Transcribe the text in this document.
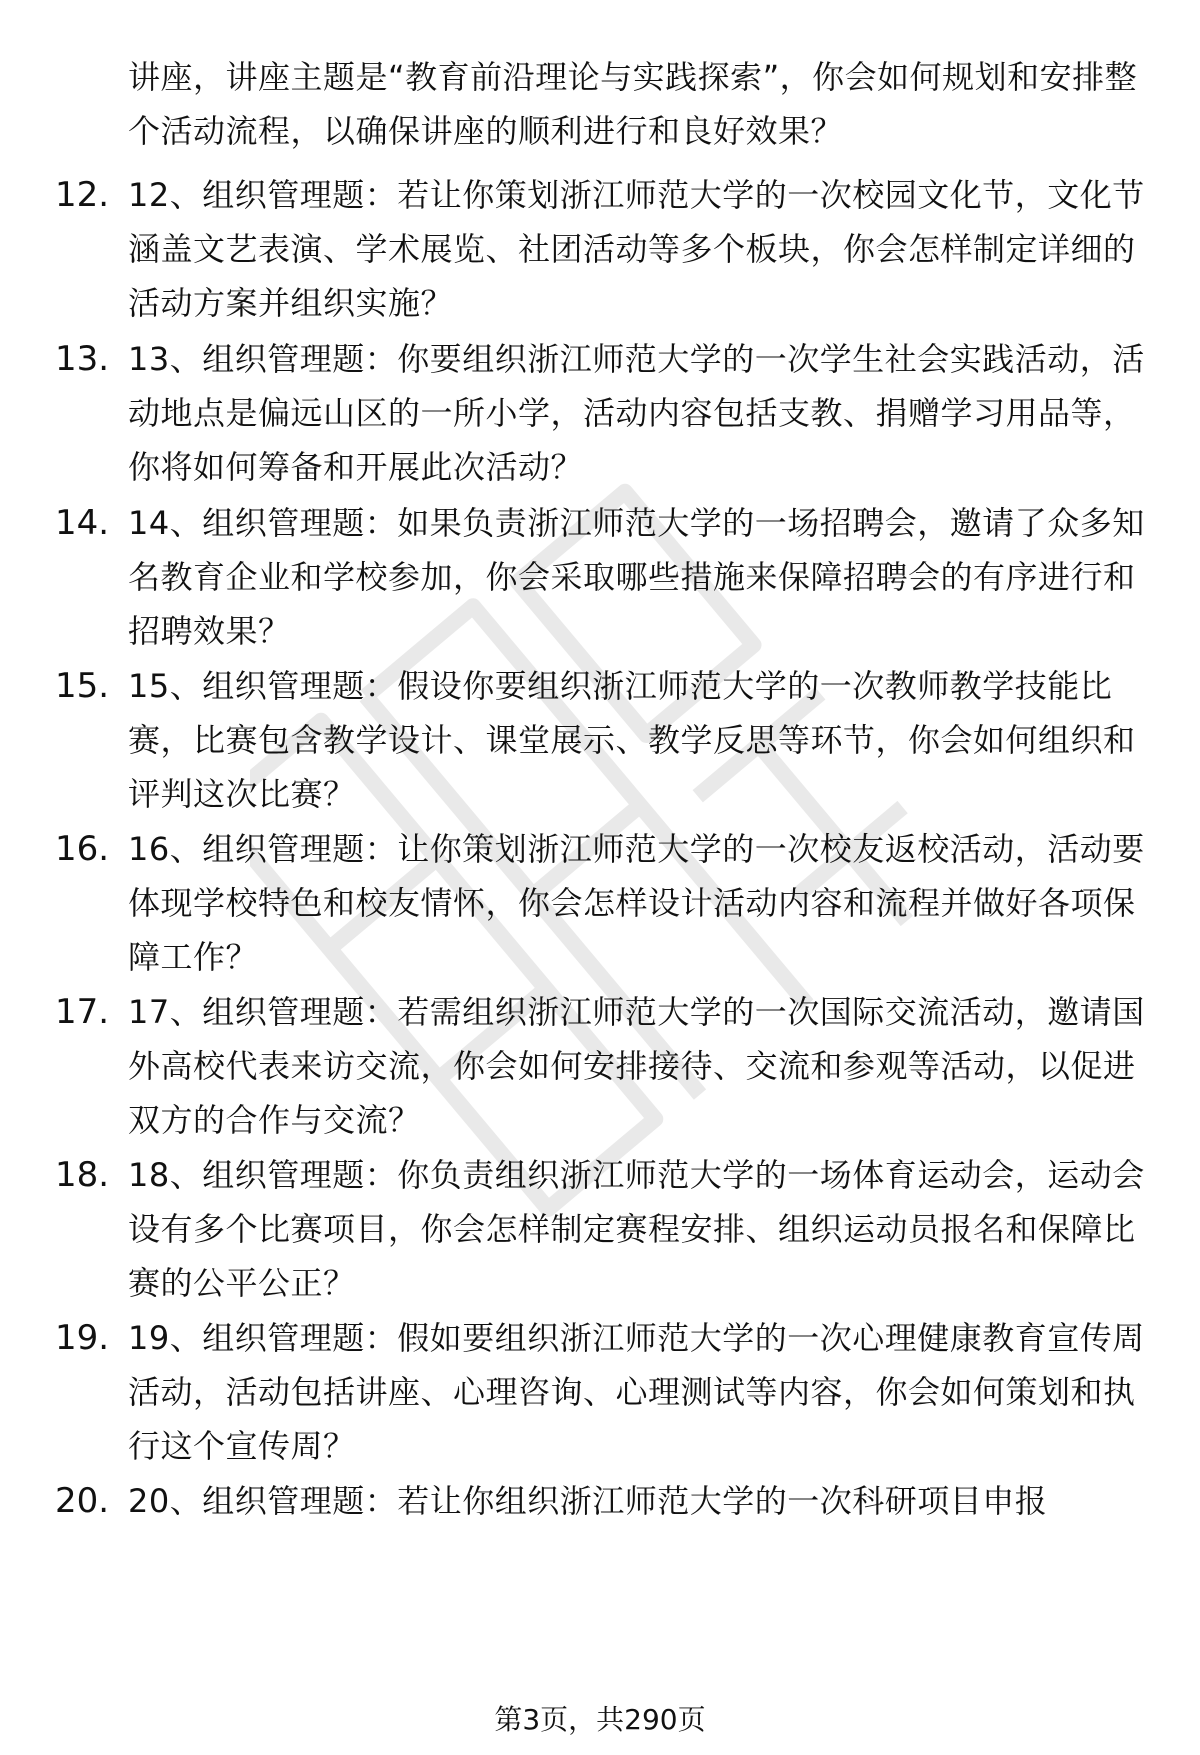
讲座，讲座主题是“教育前沿理论与实践探索”，你会如何规划和安排整个活动流程，以确保讲座的顺利进行和良好效果？
12. 12、组织管理题：若让你策划浙江师范大学的一次校园文化节，文化节涵盖文艺表演、学术展览、社团活动等多个板块，你会怎样制定详细的活动方案并组织实施？
13. 13、组织管理题：你要组织浙江师范大学的一次学生社会实践活动，活动地点是偏远山区的一所小学，活动内容包括支教、捐赠学习用品等，你将如何筹备和开展此次活动？
14. 14、组织管理题：如果负责浙江师范大学的一场招聘会，邀请了众多知名教育企业和学校参加，你会采取哪些措施来保障招聘会的有序进行和招聘效果？
15. 15、组织管理题：假设你要组织浙江师范大学的一次教师教学技能比赛，比赛包含教学设计、课堂展示、教学反思等环节，你会如何组织和评判这次比赛？
16. 16、组织管理题：让你策划浙江师范大学的一次校友返校活动，活动要体现学校特色和校友情怀，你会怎样设计活动内容和流程并做好各项保障工作？
17. 17、组织管理题：若需组织浙江师范大学的一次国际交流活动，邀请国外高校代表来访交流，你会如何安排接待、交流和参观等活动，以促进双方的合作与交流？
18. 18、组织管理题：你负责组织浙江师范大学的一场体育运动会，运动会设有多个比赛项目，你会怎样制定赛程安排、组织运动员报名和保障比赛的公平公正？
19. 19、组织管理题：假如要组织浙江师范大学的一次心理健康教育宣传周活动，活动包括讲座、心理咨询、心理测试等内容，你会如何策划和执行这个宣传周？
20. 20、组织管理题：若让你组织浙江师范大学的一次科研项目申报
第3页，共290页
